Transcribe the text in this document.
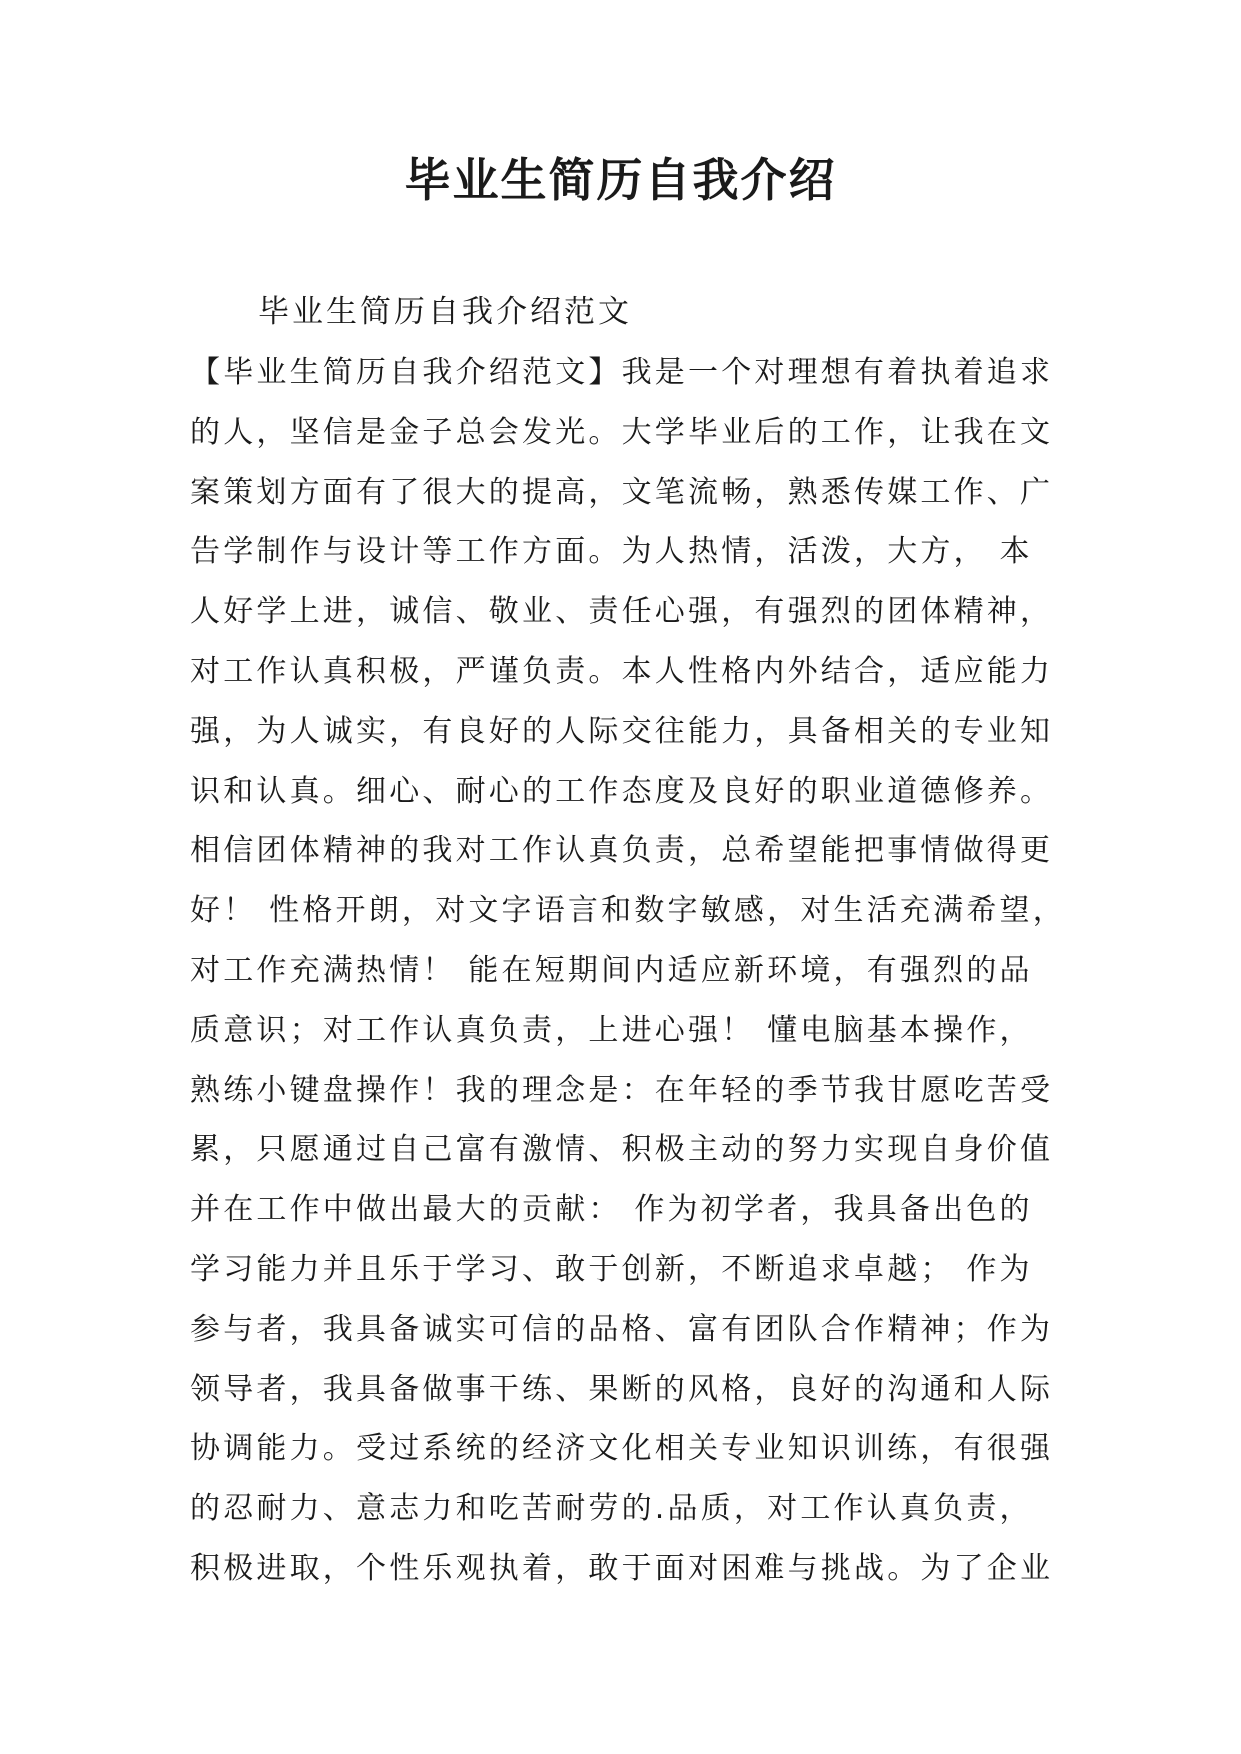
毕业生简历自我介绍

毕业生简历自我介绍范文

【毕业生简历自我介绍范文】我是一个对理想有着执着追求
的人，坚信是金子总会发光。大学毕业后的工作，让我在文
案策划方面有了很大的提高，文笔流畅，熟悉传媒工作、广
告学制作与设计等工作方面。为人热情，活泼，大方， 本
人好学上进，诚信、敬业、责任心强，有强烈的团体精神，
对工作认真积极，严谨负责。本人性格内外结合，适应能力
强，为人诚实，有良好的人际交往能力，具备相关的专业知
识和认真。细心、耐心的工作态度及良好的职业道德修养。
相信团体精神的我对工作认真负责，总希望能把事情做得更
好！ 性格开朗，对文字语言和数字敏感，对生活充满希望，
对工作充满热情！ 能在短期间内适应新环境，有强烈的品
质意识；对工作认真负责，上进心强！ 懂电脑基本操作，
熟练小键盘操作！我的理念是：在年轻的季节我甘愿吃苦受
累，只愿通过自己富有激情、积极主动的努力实现自身价值
并在工作中做出最大的贡献： 作为初学者，我具备出色的
学习能力并且乐于学习、敢于创新，不断追求卓越； 作为
参与者，我具备诚实可信的品格、富有团队合作精神；作为
领导者，我具备做事干练、果断的风格，良好的沟通和人际
协调能力。受过系统的经济文化相关专业知识训练，有很强
的忍耐力、意志力和吃苦耐劳的.品质，对工作认真负责，
积极进取，个性乐观执着，敢于面对困难与挑战。为了企业
